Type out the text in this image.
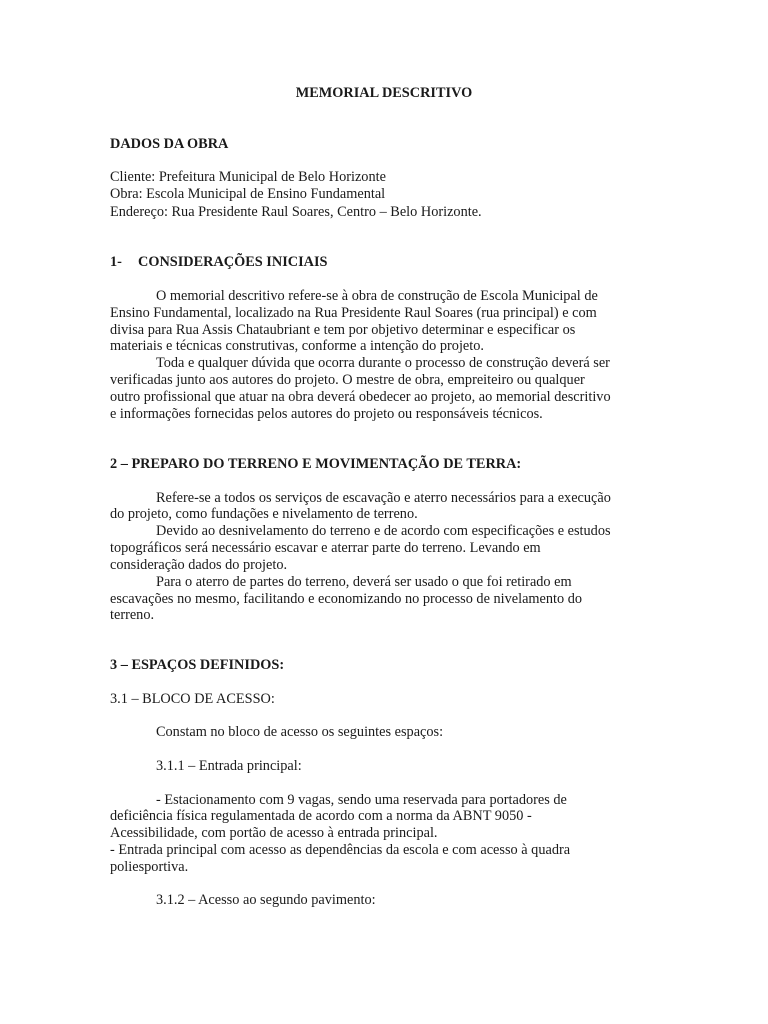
MEMORIAL DESCRITIVO
DADOS DA OBRA
Cliente: Prefeitura Municipal de Belo Horizonte
Obra: Escola Municipal de Ensino Fundamental
Endereço: Rua Presidente Raul Soares, Centro – Belo Horizonte.
1- CONSIDERAÇÕES INICIAIS
O memorial descritivo refere-se à obra de construção de Escola Municipal de
Ensino Fundamental, localizado na Rua Presidente Raul Soares (rua principal) e com
divisa para Rua Assis Chataubriant e tem por objetivo determinar e especificar os
materiais e técnicas construtivas, conforme a intenção do projeto.
Toda e qualquer dúvida que ocorra durante o processo de construção deverá ser
verificadas junto aos autores do projeto. O mestre de obra, empreiteiro ou qualquer
outro profissional que atuar na obra deverá obedecer ao projeto, ao memorial descritivo
e informações fornecidas pelos autores do projeto ou responsáveis técnicos.
2 – PREPARO DO TERRENO E MOVIMENTAÇÃO DE TERRA:
Refere-se a todos os serviços de escavação e aterro necessários para a execução
do projeto, como fundações e nivelamento de terreno.
Devido ao desnivelamento do terreno e de acordo com especificações e estudos
topográficos será necessário escavar e aterrar parte do terreno. Levando em
consideração dados do projeto.
Para o aterro de partes do terreno, deverá ser usado o que foi retirado em
escavações no mesmo, facilitando e economizando no processo de nivelamento do
terreno.
3 – ESPAÇOS DEFINIDOS:
3.1 – BLOCO DE ACESSO:
Constam no bloco de acesso os seguintes espaços:
3.1.1 – Entrada principal:
- Estacionamento com 9 vagas, sendo uma reservada para portadores de
deficiência física regulamentada de acordo com a norma da ABNT 9050 -
Acessibilidade, com portão de acesso à entrada principal.
- Entrada principal com acesso as dependências da escola e com acesso à quadra
poliesportiva.
3.1.2 – Acesso ao segundo pavimento:
